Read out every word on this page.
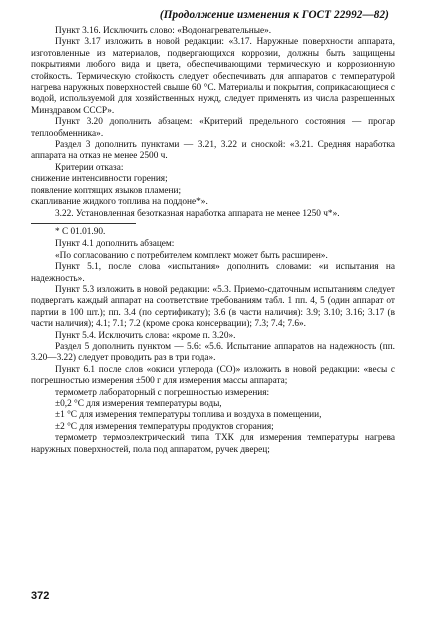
(Продолжение изменения к ГОСТ 22992—82)

Пункт 3.16. Исключить слово: «Водонагревательные».

Пункт 3.17 изложить в новой редакции: «3.17. Наружные поверхности аппарата, изготовленные из материалов, подвергающихся коррозии, должны быть защищены покрытиями любого вида и цвета, обеспечивающими термическую и коррозионную стойкость. Термическую стойкость следует обеспечивать для аппаратов с температурой нагрева наружных поверхностей свыше 60 °C. Материалы и покрытия, соприкасающиеся с водой, используемой для хозяйственных нужд, следует применять из числа разрешенных Минздравом СССР».

Пункт 3.20 дополнить абзацем: «Критерий предельного состояния — прогар теплообменника».

Раздел 3 дополнить пунктами — 3.21, 3.22 и сноской: «3.21. Средняя наработка аппарата на отказ не менее 2500 ч.

Критерии отказа:

снижение интенсивности горения;

появление коптящих языков пламени;

скапливание жидкого топлива на поддоне*».

3.22. Установленная безотказная наработка аппарата не менее 1250 ч*».

* С 01.01.90.

Пункт 4.1 дополнить абзацем:

«По согласованию с потребителем комплект может быть расширен».

Пункт 5.1, после слова «испытания» дополнить словами: «и испытания на надежность».

Пункт 5.3 изложить в новой редакции: «5.3. Приемо-сдаточным испытаниям следует подвергать каждый аппарат на соответствие требованиям табл. 1 пп. 4, 5 (один аппарат от партии в 100 шт.); пп. 3.4 (по сертификату); 3.6 (в части наличия): 3.9; 3.10; 3.16; 3.17 (в части наличия); 4.1; 7.1; 7.2 (кроме срока консервации); 7.3; 7.4; 7.6».

Пункт 5.4. Исключить слова: «кроме п. 3.20».

Раздел 5 дополнить пунктом — 5.6: «5.6. Испытание аппаратов на надежность (пп. 3.20—3.22) следует проводить раз в три года».

Пункт 6.1 после слов «окиси углерода (CO)» изложить в новой редакции: «весы с погрешностью измерения ±500 г для измерения массы аппарата;

термометр лабораторный с погрешностью измерения:

±0,2 °C для измерения температуры воды,

±1 °C для измерения температуры топлива и воздуха в помещении,

±2 °C для измерения температуры продуктов сгорания;

термометр термоэлектрический типа ТХК для измерения температуры нагрева наружных поверхностей, пола под аппаратом, ручек дверец;

372
